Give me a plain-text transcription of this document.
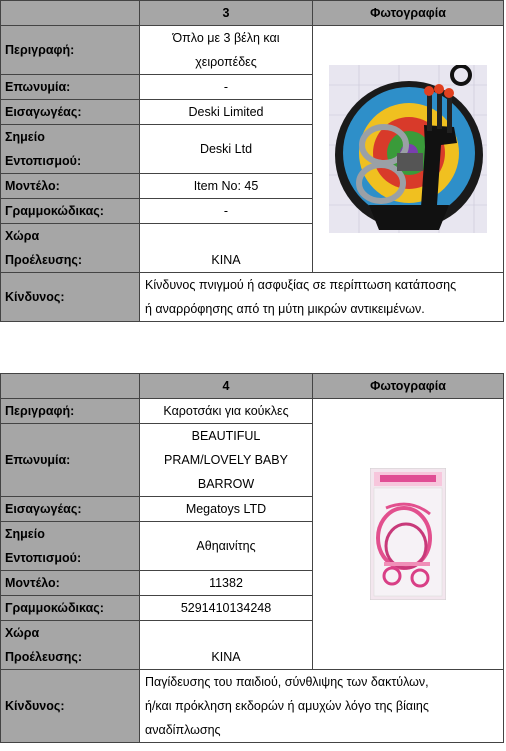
	3	Φωτογραφία
Περιγραφή:	Όπλο με 3 βέλη και
χειροπέδες	

Επωνυμία:	-	
Εισαγωγέας:	Deski Limited	
Σημείο
Εντοπισμού:	Deski Ltd	
Μοντέλο:	Item No: 45	
Γραμμοκώδικας:	-	
Χώρα
Προέλευσης:	KINA	
Κίνδυνος:	Κίνδυνος πνιγμού ή ασφυξίας σε περίπτωση κατάποσης
ή αναρρόφησης από τη μύτη μικρών αντικειμένων.	
	4	Φωτογραφία
Περιγραφή:	Καροτσάκι για κούκλες	

Επωνυμία:	BEAUTIFUL
PRAM/LOVELY BABY
BARROW	
Εισαγωγέας:	Megatoys LTD	
Σημείο
Εντοπισμού:	Αθηαινίτης	
Μοντέλο:	11382	
Γραμμοκώδικας:	5291410134248	
Χώρα
Προέλευσης:	KINA	
Κίνδυνος:	Παγίδευσης του παιδιού, σύνθλιψης των δακτύλων,
ή/και πρόκληση εκδορών ή αμυχών λόγο της βίαιης
αναδίπλωσης	
